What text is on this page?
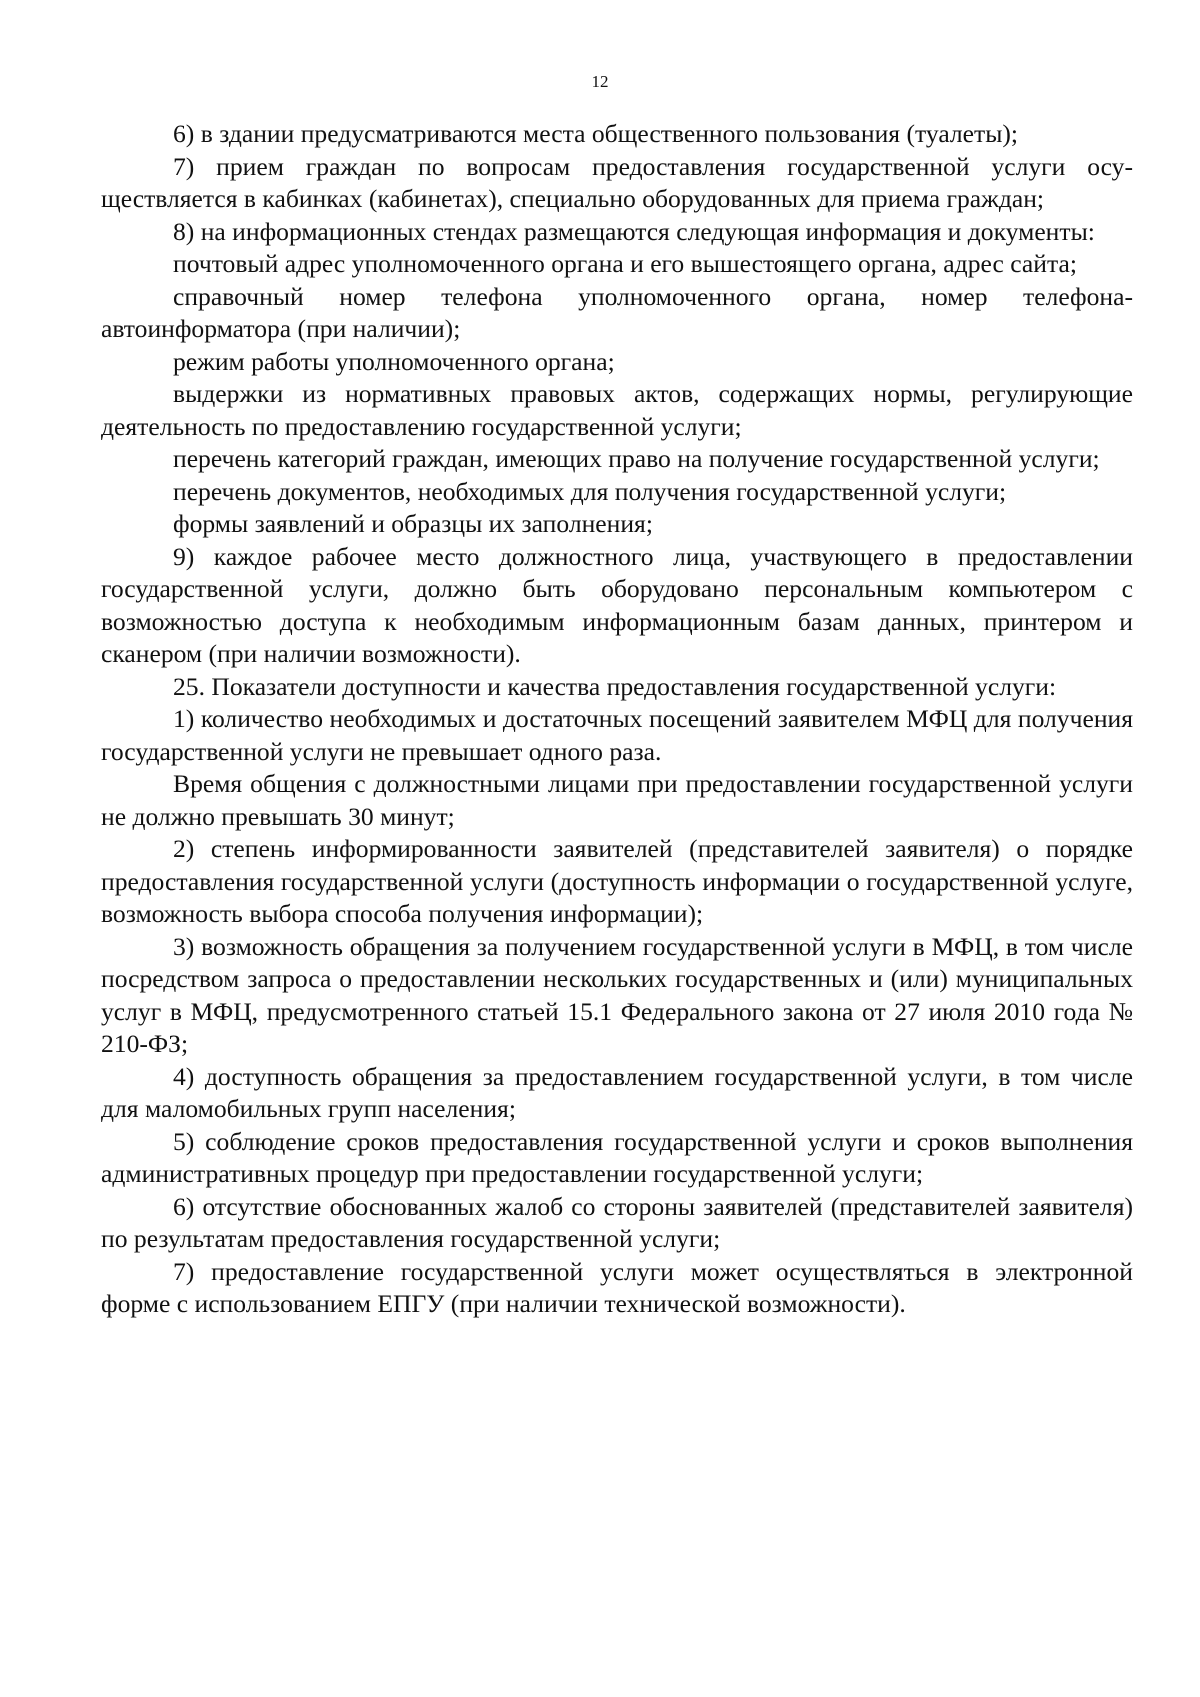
12

6) в здании предусматриваются места общественного пользования (туалеты);

7) прием граждан по вопросам предоставления государственной услуги осуществляется в кабинках (кабинетах), специально оборудованных для приема граждан;

8) на информационных стендах размещаются следующая информация и документы:

почтовый адрес уполномоченного органа и его вышестоящего органа, адрес сайта;

справочный номер телефона уполномоченного органа, номер телефона-автоинформатора (при наличии);

режим работы уполномоченного органа;

выдержки из нормативных правовых актов, содержащих нормы, регулирующие деятельность по предоставлению государственной услуги;

перечень категорий граждан, имеющих право на получение государственной услуги;

перечень документов, необходимых для получения государственной услуги;

формы заявлений и образцы их заполнения;

9) каждое рабочее место должностного лица, участвующего в предоставлении государственной услуги, должно быть оборудовано персональным компьютером с возможностью доступа к необходимым информационным базам данных, принтером и сканером (при наличии возможности).

25. Показатели доступности и качества предоставления государственной услуги:

1) количество необходимых и достаточных посещений заявителем МФЦ для получения государственной услуги не превышает одного раза.

Время общения с должностными лицами при предоставлении государственной услуги не должно превышать 30 минут;

2) степень информированности заявителей (представителей заявителя) о порядке предоставления государственной услуги (доступность информации о государственной услуге, возможность выбора способа получения информации);

3) возможность обращения за получением государственной услуги в МФЦ, в том числе посредством запроса о предоставлении нескольких государственных и (или) муниципальных услуг в МФЦ, предусмотренного статьей 15.1 Федерального закона от 27 июля 2010 года № 210-ФЗ;

4) доступность обращения за предоставлением государственной услуги, в том числе для маломобильных групп населения;

5) соблюдение сроков предоставления государственной услуги и сроков выполнения административных процедур при предоставлении государственной услуги;

6) отсутствие обоснованных жалоб со стороны заявителей (представителей заявителя) по результатам предоставления государственной услуги;

7) предоставление государственной услуги может осуществляться в электронной форме с использованием ЕПГУ (при наличии технической возможности).
